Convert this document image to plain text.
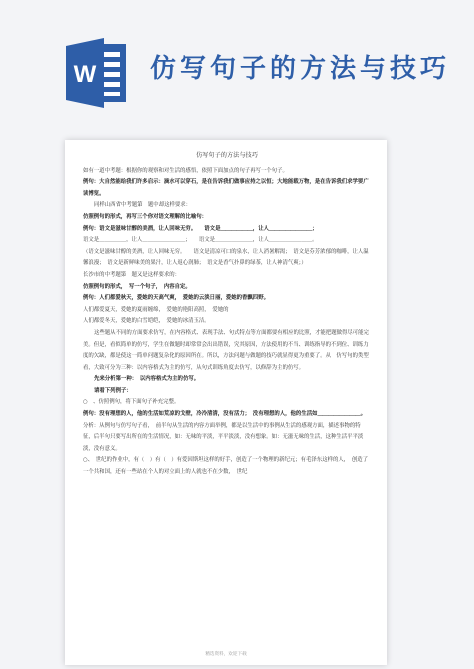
W 仿写句子的方法与技巧

仿写句子的方法与技巧

如有一道中考题：根据你的观察和对生活的感悟，依照下面加点的句子再写一个句子。

例句：大自然能给我们许多启示：滴水可以穿石，是在告诉我们做事应持之以恒；大地能载万物，是在告诉我们求学要广读博览。

同样山西省中考题第　题中却这样要求：

仿照例句的形式，再写三个你对语文理解的比喻句：

例句：语文是滋味甘醇的美酒，让人回味无穷。　　语文是＿＿＿＿＿＿，让人＿＿＿＿＿＿＿＿；

语文是＿＿＿＿＿，让人＿＿＿＿＿＿＿＿；　　语文是＿＿＿＿＿＿＿，让人＿＿＿＿＿＿＿＿。

（语文是滋味甘醇的美酒，让人回味无穷。　　语文是清凉可口的泉水，让人消暑解渴；　语文是芬芳浓郁的咖啡，让人温馨浪漫；　语文是新鲜味美的果汁，让人返心润肺；　语文是香气扑鼻的绿茶，让人神清气爽；）

长沙市的中考题第　题又是这样要求的：

仿照例句的形式，　写一个句子，　内容自定。

例句：人们都爱秋天，爱她的天高气爽，　爱她的云淡日丽，爱她的香飘四野。

人们都爱夏天，爱她的夏雨缠绵，　爱她的艳阳高照，　爱她的

人们都爱冬天，爱她的白雪皑皑，　爱她的冰清玉洁。

这些题从不同的方面要求仿写，在内容格式、表现手法、句式特点等方面都要有相应的比照，才能把题做得尽可能完美。但是，看似简单的仿写，学生在做题时却常常会出出错误，究其原因，方法使用的不当、训练指导的不到位、训练力度的欠缺，都是使这一简单问题复杂化的原因所在。所以，方法问题与做题的技巧就显得更为重要了。从　仿写句的类型看，大致可分为三种：以内容格式为主的仿写，从句式训练角度去仿写，以修辞为主的仿写。

先来分析第一种：　以内容格式为主的仿写。

请看下列例子：

○　、仿照例句，将下面句子补充完整。

例句：没有理想的人，他的生活如荒凉的戈壁，冷冷清清，没有活力；　没有理想的人，他的生活如＿＿＿＿＿＿＿＿。

分析：从例句与仿写句子看，　前半句从生活的内容方面举例，都是以生活中的事例从生活的感观方面，描述事物的特征，后半句只要写出所在的生活情况，如：无味的平淡，平平淡淡，没有想象。如：无滋无味的生活，这种生活平平淡淡，没有意义。

○、　世纪的作业中，有（　）有（　）有爱因斯坦这样的好手，创造了一个物理的新纪元；有毛泽东这样的人，　创造了一个共和国，还有一些站在个人的对立面上的人就也不在少数，　世纪

精选资料，欢迎下载
